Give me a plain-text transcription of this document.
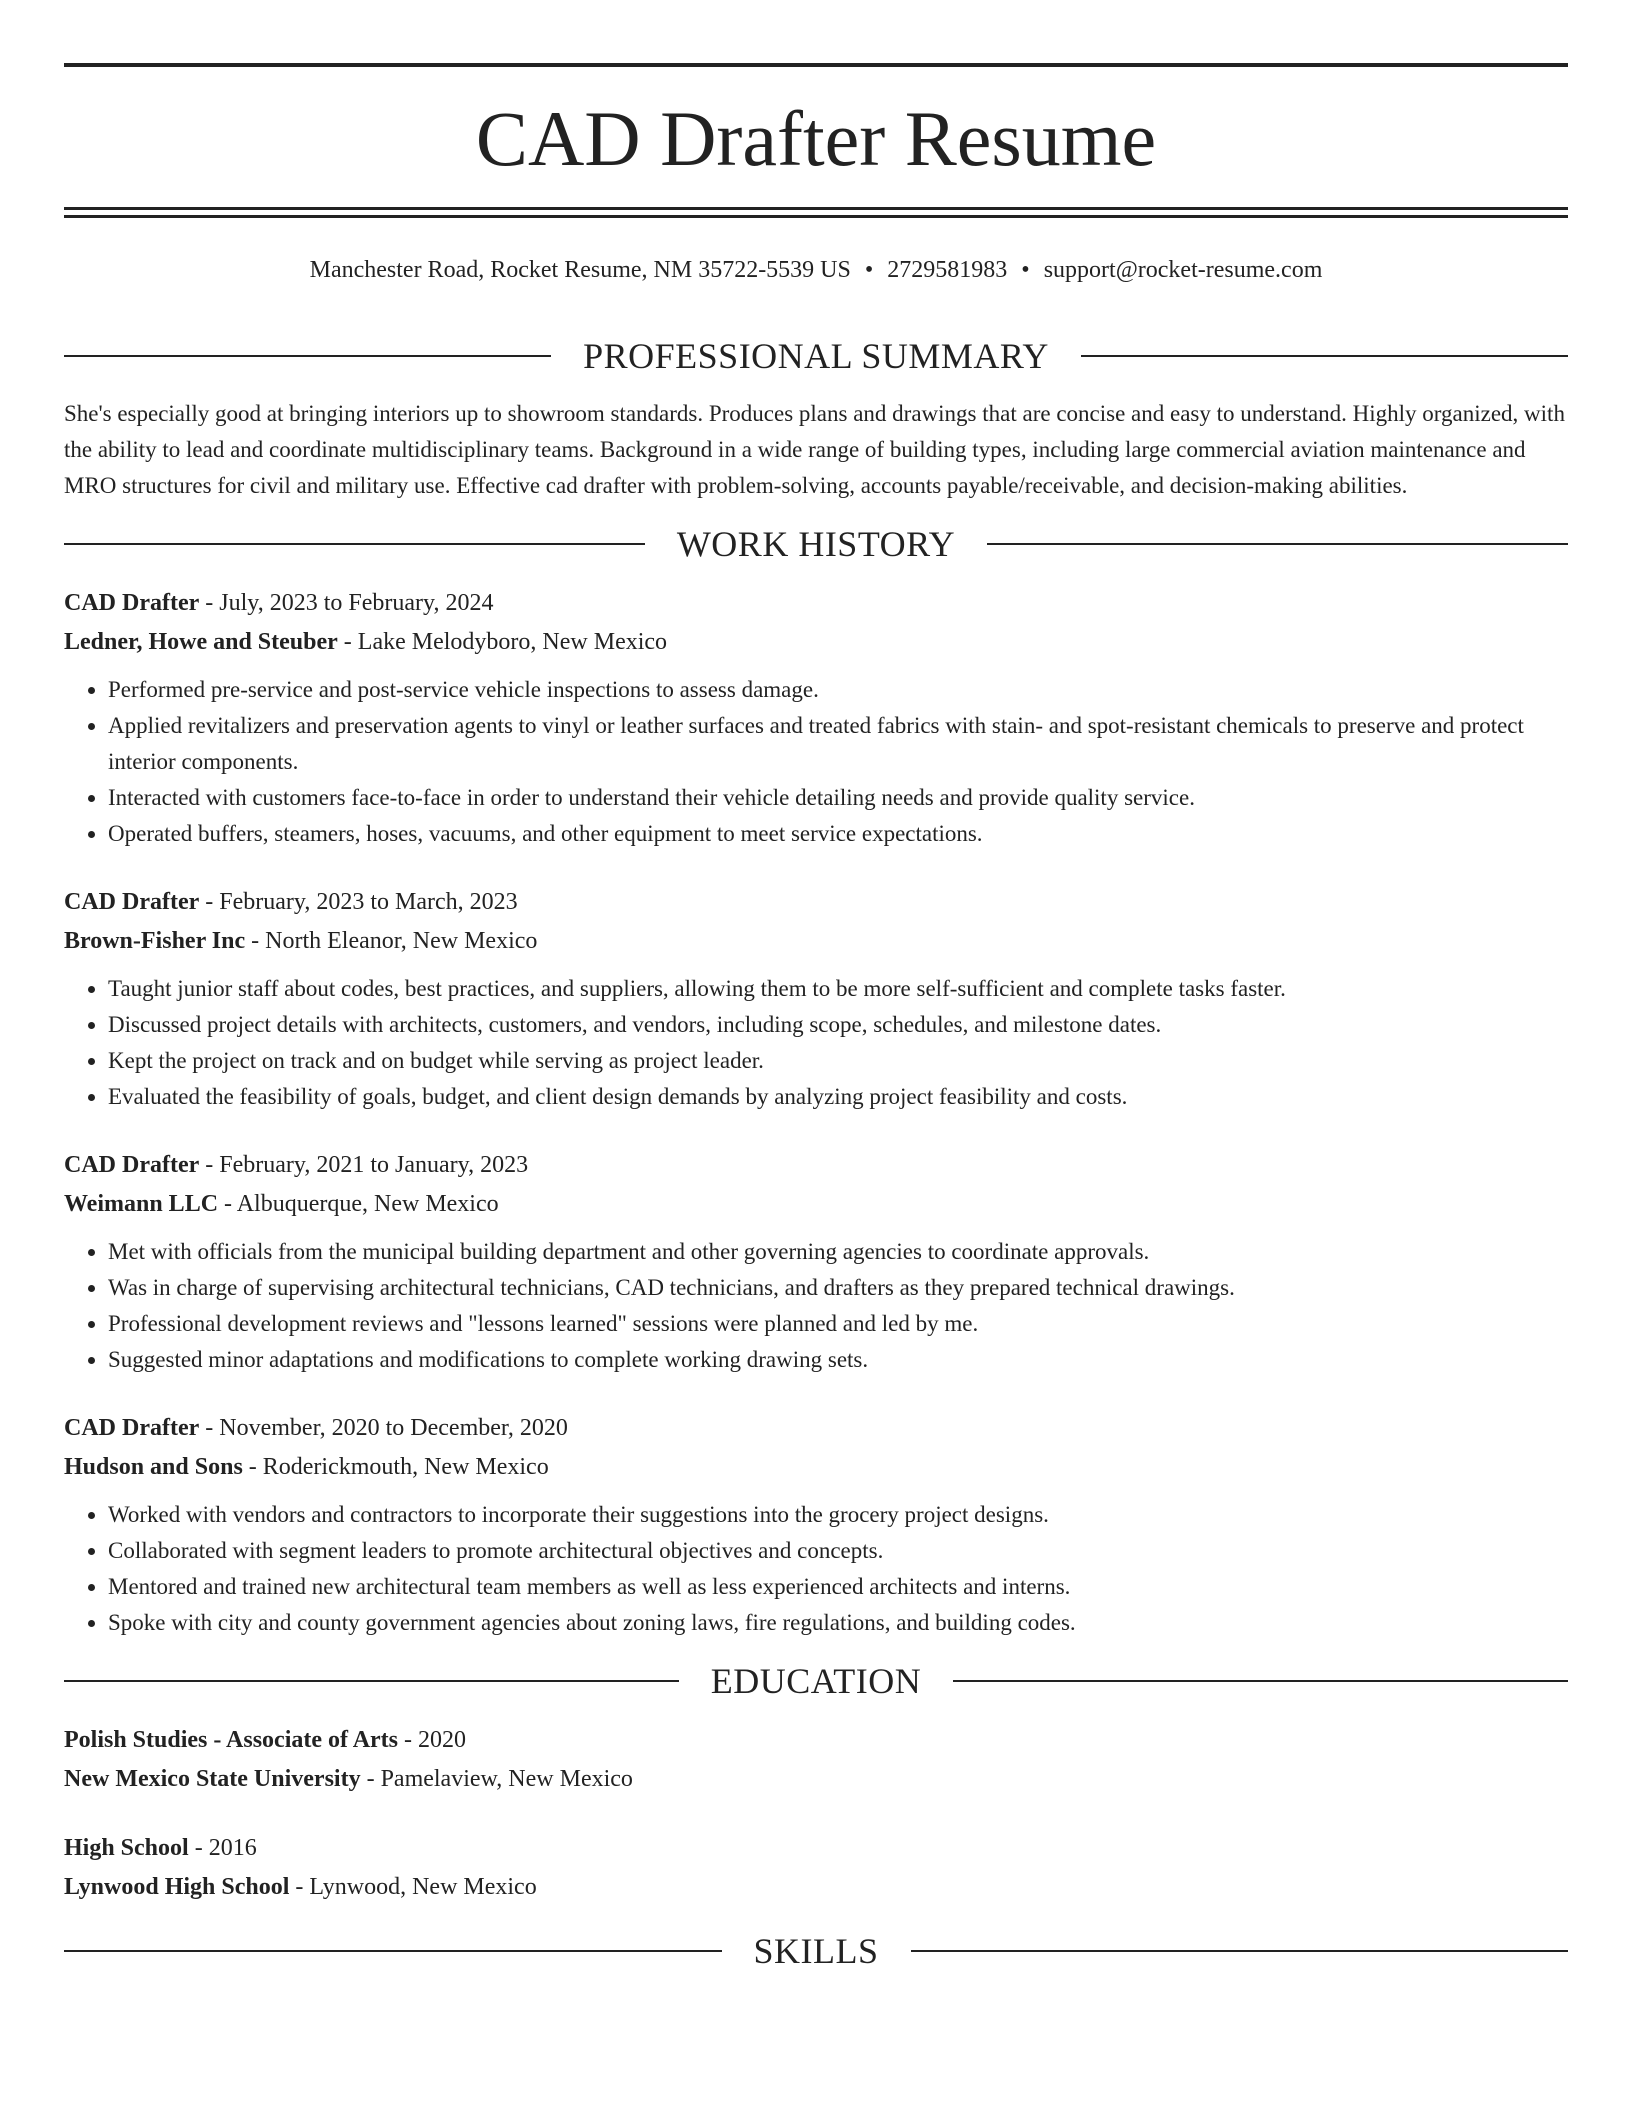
CAD Drafter Resume
Manchester Road, Rocket Resume, NM 35722-5539 US • 2729581983 • support@rocket-resume.com
PROFESSIONAL SUMMARY

She's especially good at bringing interiors up to showroom standards. Produces plans and drawings that are concise and easy to understand. Highly organized, with the ability to lead and coordinate multidisciplinary teams. Background in a wide range of building types, including large commercial aviation maintenance and MRO structures for civil and military use. Effective cad drafter with problem-solving, accounts payable/receivable, and decision-making abilities.

WORK HISTORY
CAD Drafter - July, 2023 to February, 2024
Ledner, Howe and Steuber - Lake Melodyboro, New Mexico
• Performed pre-service and post-service vehicle inspections to assess damage.
• Applied revitalizers and preservation agents to vinyl or leather surfaces and treated fabrics with stain- and spot-resistant chemicals to preserve and protect interior components.
• Interacted with customers face-to-face in order to understand their vehicle detailing needs and provide quality service.
• Operated buffers, steamers, hoses, vacuums, and other equipment to meet service expectations.
CAD Drafter - February, 2023 to March, 2023
Brown-Fisher Inc - North Eleanor, New Mexico
• Taught junior staff about codes, best practices, and suppliers, allowing them to be more self-sufficient and complete tasks faster.
• Discussed project details with architects, customers, and vendors, including scope, schedules, and milestone dates.
• Kept the project on track and on budget while serving as project leader.
• Evaluated the feasibility of goals, budget, and client design demands by analyzing project feasibility and costs.
CAD Drafter - February, 2021 to January, 2023
Weimann LLC - Albuquerque, New Mexico
• Met with officials from the municipal building department and other governing agencies to coordinate approvals.
• Was in charge of supervising architectural technicians, CAD technicians, and drafters as they prepared technical drawings.
• Professional development reviews and "lessons learned" sessions were planned and led by me.
• Suggested minor adaptations and modifications to complete working drawing sets.
CAD Drafter - November, 2020 to December, 2020
Hudson and Sons - Roderickmouth, New Mexico
• Worked with vendors and contractors to incorporate their suggestions into the grocery project designs.
• Collaborated with segment leaders to promote architectural objectives and concepts.
• Mentored and trained new architectural team members as well as less experienced architects and interns.
• Spoke with city and county government agencies about zoning laws, fire regulations, and building codes.
EDUCATION
Polish Studies - Associate of Arts - 2020
New Mexico State University - Pamelaview, New Mexico
High School - 2016
Lynwood High School - Lynwood, New Mexico
SKILLS
